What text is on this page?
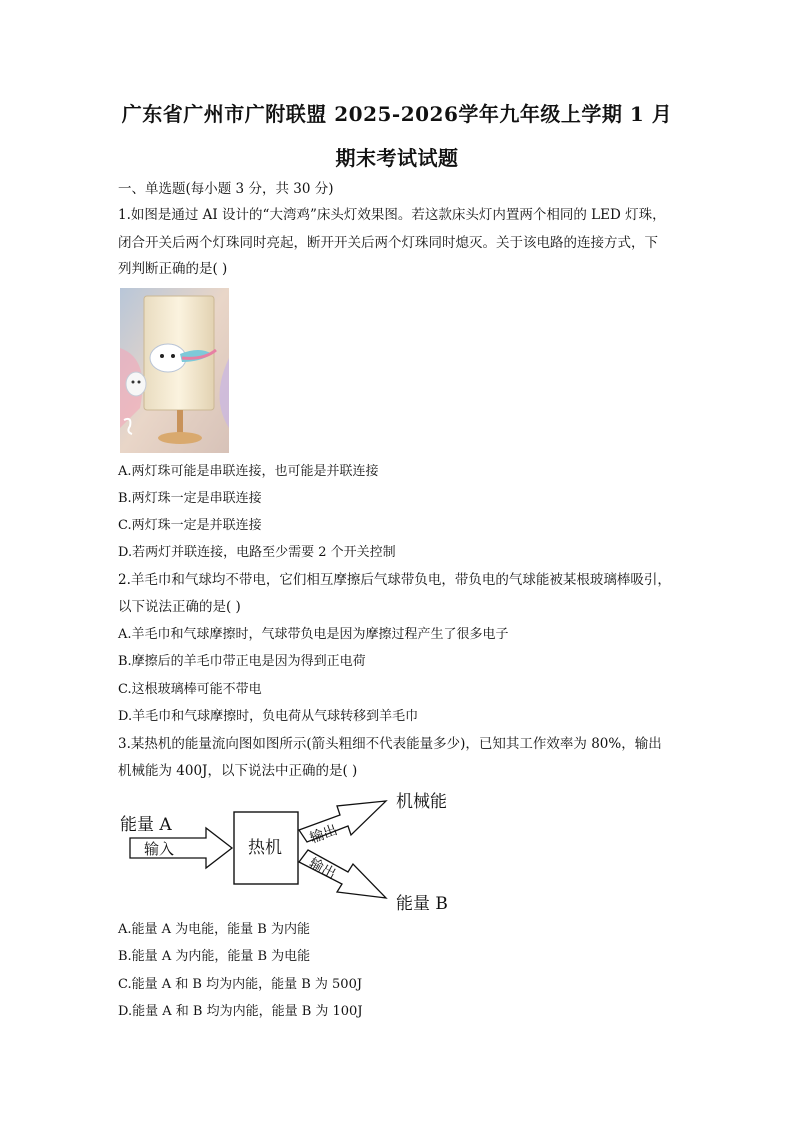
广东省广州市广附联盟 2025-2026学年九年级上学期 1 月
期末考试试题
一、单选题(每小题 3 分，共 30 分)
1.如图是通过 AI 设计的“大湾鸡”床头灯效果图。若这款床头灯内置两个相同的 LED 灯珠，
闭合开关后两个灯珠同时亮起，断开开关后两个灯珠同时熄灭。关于该电路的连接方式，下
列判断正确的是( )
A.两灯珠可能是串联连接，也可能是并联连接
B.两灯珠一定是串联连接
C.两灯珠一定是并联连接
D.若两灯并联连接，电路至少需要 2 个开关控制
2.羊毛巾和气球均不带电，它们相互摩擦后气球带负电，带负电的气球能被某根玻璃棒吸引，
以下说法正确的是( )
A.羊毛巾和气球摩擦时，气球带负电是因为摩擦过程产生了很多电子
B.摩擦后的羊毛巾带正电是因为得到正电荷
C.这根玻璃棒可能不带电
D.羊毛巾和气球摩擦时，负电荷从气球转移到羊毛巾
3.某热机的能量流向图如图所示(箭头粗细不代表能量多少)，已知其工作效率为 80%，输出
机械能为 400J，以下说法中正确的是( )
能量 A
输入	热机
输出
输出
机械能
能量 B
A.能量 A 为电能，能量 B 为内能
B.能量 A 为内能，能量 B 为电能
C.能量 A 和 B 均为内能，能量 B 为 500J
D.能量 A 和 B 均为内能，能量 B 为 100J
